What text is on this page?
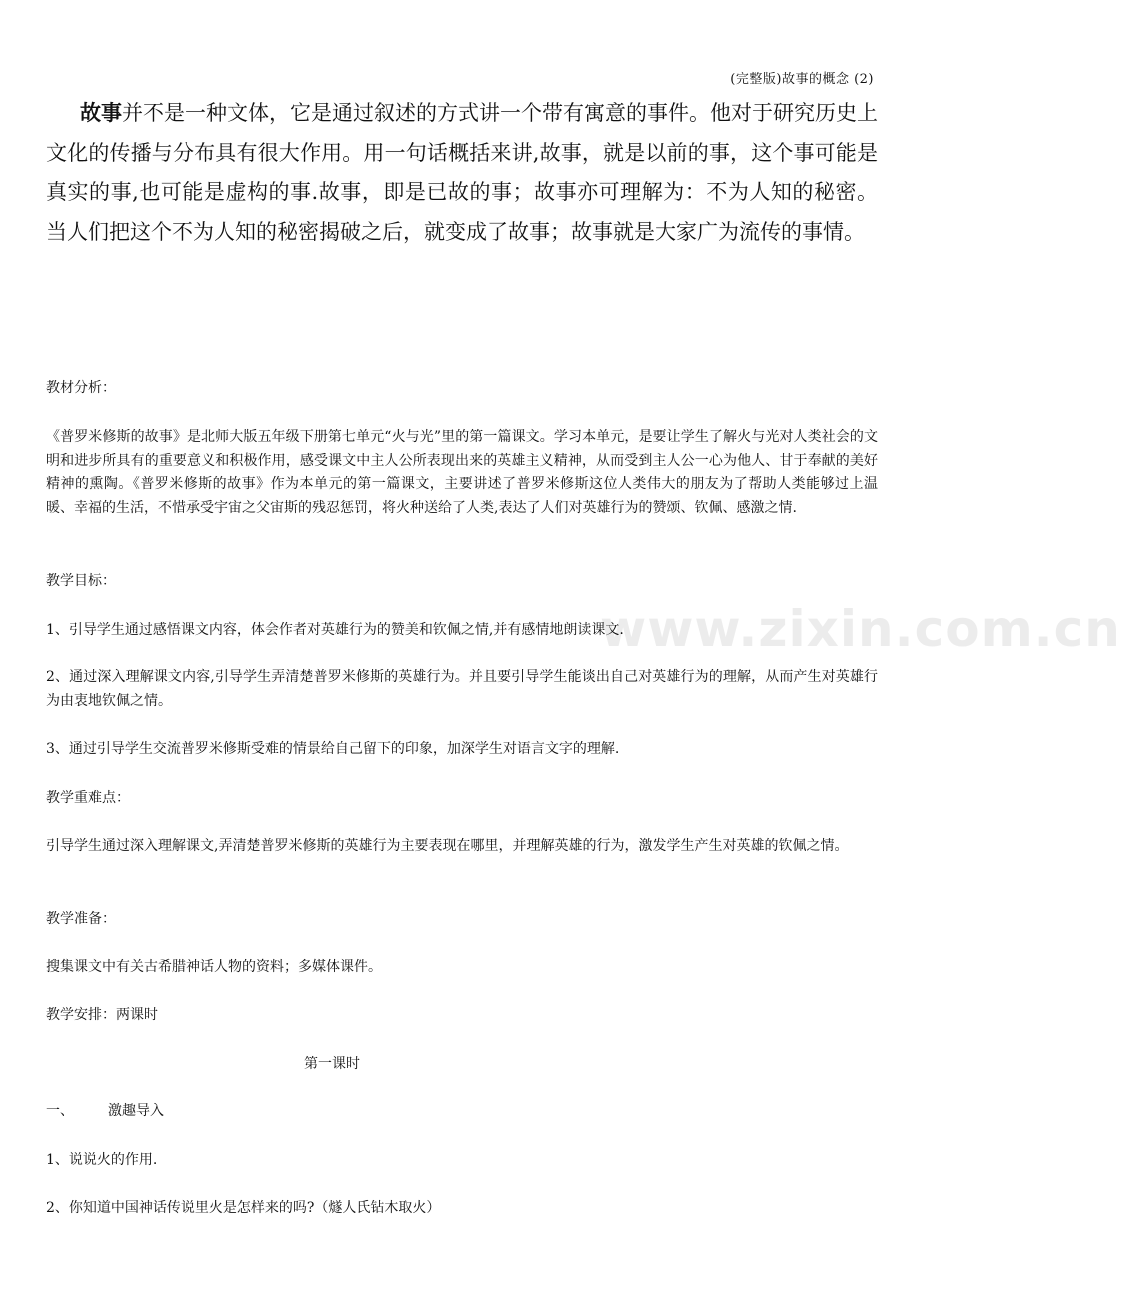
(完整版)故事的概念 (2)
www.zixin.com.cn

故事并不是一种文体，它是通过叙述的方式讲一个带有寓意的事件。他对于研究历史上文化的传播与分布具有很大作用。用一句话概括来讲,故事，就是以前的事，这个事可能是真实的事,也可能是虚构的事.故事，即是已故的事；故事亦可理解为：不为人知的秘密。当人们把这个不为人知的秘密揭破之后，就变成了故事；故事就是大家广为流传的事情。

教材分析：

《普罗米修斯的故事》是北师大版五年级下册第七单元“火与光”里的第一篇课文。学习本单元，是要让学生了解火与光对人类社会的文明和进步所具有的重要意义和积极作用，感受课文中主人公所表现出来的英雄主义精神，从而受到主人公一心为他人、甘于奉献的美好精神的熏陶。《普罗米修斯的故事》作为本单元的第一篇课文，主要讲述了普罗米修斯这位人类伟大的朋友为了帮助人类能够过上温暖、幸福的生活，不惜承受宇宙之父宙斯的残忍惩罚，将火种送给了人类,表达了人们对英雄行为的赞颂、钦佩、感激之情.

教学目标：

1、引导学生通过感悟课文内容，体会作者对英雄行为的赞美和钦佩之情,并有感情地朗读课文.

2、通过深入理解课文内容,引导学生弄清楚普罗米修斯的英雄行为。并且要引导学生能谈出自己对英雄行为的理解，从而产生对英雄行为由衷地钦佩之情。

3、通过引导学生交流普罗米修斯受难的情景给自己留下的印象，加深学生对语言文字的理解.

教学重难点：

引导学生通过深入理解课文,弄清楚普罗米修斯的英雄行为主要表现在哪里，并理解英雄的行为，激发学生产生对英雄的钦佩之情。

教学准备：

搜集课文中有关古希腊神话人物的资料；多媒体课件。

教学安排：两课时

第一课时

一、 激趣导入

1、说说火的作用.

2、你知道中国神话传说里火是怎样来的吗?（燧人氏钻木取火）
